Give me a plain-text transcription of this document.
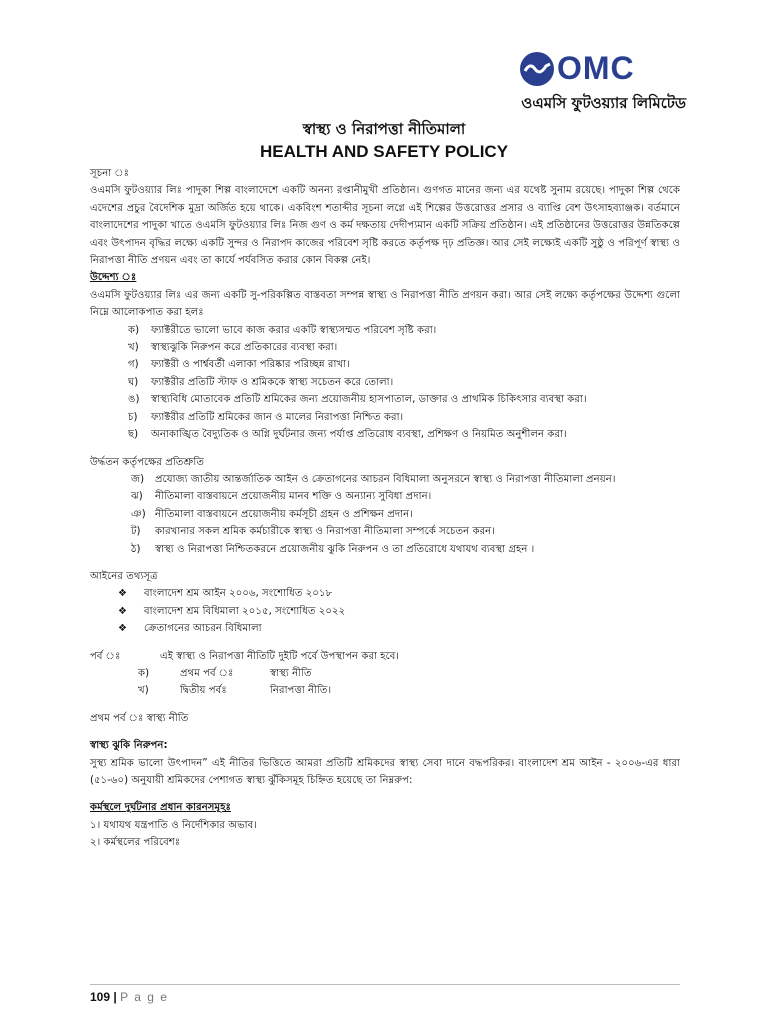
OMC
ওএমসি ফুটওয়্যার লিমিটেড
স্বাস্থ্য ও নিরাপত্তা নীতিমালা
HEALTH AND SAFETY POLICY
সূচনা ঃ

ওএমসি ফুটওয়্যার লিঃ পাদুকা শিল্প বাংলাদেশে একটি অনন্য রপ্তানীমুখী প্রতিষ্ঠান। গুণগত মানের জন্য এর যথেষ্ট সুনাম রয়েছে। পাদুকা শিল্প থেকে এদেশের প্রচুর বৈদেশিক মুদ্রা অর্জিত হয়ে থাকে। একবিংশ শতাব্দীর সূচনা লগ্নে এই শিল্পের উত্তরোত্তর প্রসার ও ব্যাপ্তি বেশ উৎসাহব্যাঞ্জক। বর্তমানে বাংলাদেশের পাদুকা খাতে ওএমসি ফুটওয়্যার লিঃ নিজ গুণ ও কর্ম দক্ষতায় দেদীপ্যমান একটি সক্রিয় প্রতিষ্ঠান। এই প্রতিষ্ঠানের উত্তরোত্তর উন্নতিকল্পে এবং উৎপাদন বৃদ্ধির লক্ষ্যে একটি সুন্দর ও নিরাপদ কাজের পরিবেশ সৃষ্টি করতে কর্তৃপক্ষ দৃঢ় প্রতিজ্ঞ। আর সেই লক্ষ্যেই একটি সুষ্ঠু ও পরিপূর্ণ স্বাস্থ্য ও নিরাপত্তা নীতি প্রণয়ন এবং তা কার্যে পর্যবসিত করার কোন বিকল্প নেই।

উদ্দেশ্য ঃ

ওএমসি ফুটওয়্যার লিঃ এর জন্য একটি সু-পরিকল্পিত বাস্তবতা সম্পন্ন স্বাস্থ্য ও নিরাপত্তা নীতি প্রণয়ন করা। আর সেই লক্ষ্যে কর্তৃপক্ষের উদ্দেশ্য গুলো নিম্নে আলোকপাত করা হলঃ

ক)	ফ্যাক্টরীতে ভালো ভাবে কাজ করার একটি স্বাস্থ্যসম্মত পরিবেশ সৃষ্টি করা।
খ)	স্বাস্থ্যঝুকি নিরুপন করে প্রতিকারের ব্যবস্থা করা।
গ)	ফ্যাক্টরী ও পার্শ্ববর্তী এলাকা পরিষ্কার পরিচ্ছন্ন রাখা।
ঘ)	ফ্যাক্টরীর প্রতিটি স্টাফ ও শ্রমিককে স্বাস্থ্য সচেতন করে তোলা।
ঙ)	স্বাস্থ্যবিধি মোতাবেক প্রতিটি শ্রমিকের জন্য প্রয়োজনীয় হাসপাতাল, ডাক্তার ও প্রাথমিক চিকিৎসার ব্যবস্থা করা।
চ)	ফ্যাক্টরীর প্রতিটি শ্রমিকের জান ও মালের নিরাপত্তা নিশ্চিত করা।
ছ)	অনাকাঙ্খিত বৈদ্যুতিক ও অগ্নি দুর্ঘটনার জন্য পর্যাপ্ত প্রতিরোধ ব্যবস্থা, প্রশিক্ষণ ও নিয়মিত অনুশীলন করা।
উর্দ্ধতন কর্তৃপক্ষের প্রতিশ্রুতি
জ)	প্রযোজ্য জাতীয় আন্তর্জাতিক আইন ও ক্রেতাগনের আচরন বিধিমালা অনুসরনে স্বাস্থ্য ও নিরাপত্তা নীতিমালা প্রনয়ন।
ঝ)	নীতিমালা বাস্তবায়নে প্রয়োজনীয় মানব শক্তি ও অন্যান্য সুবিধা প্রদান।
ঞ) নীতিমালা বাস্তবায়নে প্রয়োজনীয় কর্মসূচী গ্রহন ও প্রশিক্ষন প্রদান।
ট)	কারখানার সকল শ্রমিক কর্মচারীকে স্বাস্থ্য ও নিরাপত্তা নীতিমালা সম্পর্কে সচেতন করন।
ঠ)	স্বাস্থ্য ও নিরাপত্তা নিশ্চিতকরনে প্রয়োজনীয় ঝুকি নিরুপন ও তা প্রতিরোধে যথাযথ ব্যবস্থা গ্রহন ।
আইনের তথ্যসূত্র
❖	বাংলাদেশ শ্রম আইন ২০০৬, সংশোধিত ২০১৮
❖	বাংলাদেশ শ্রম বিধিমালা ২০১৫, সংশোধিত ২০২২
❖	ক্রেতাগনের আচরন বিধিমালা
পর্ব ঃ	এই স্বাস্থ্য ও নিরাপত্তা নীতিটি দুইটি পর্বে উপস্থাপন করা হবে।
ক)	প্রথম পর্ব ঃ	স্বাস্থ্য নীতি
খ)	দ্বিতীয় পর্বঃ	নিরাপত্তা নীতি।
প্রথম পর্ব ঃ স্বাস্থ্য নীতি
স্বাস্থ্য ঝুকি নিরুপন:

সুস্থ্য শ্রমিক ভালো উৎপাদন” এই নীতির ভিত্তিতে আমরা প্রতিটি শ্রমিকদের স্বাস্থ্য সেবা দানে বদ্ধপরিকর। বাংলাদেশ শ্রম আইন - ২০০৬-এর ধারা (৫১-৬০) অনুযায়ী শ্রমিকদের পেশাগত স্বাস্থ্য ঝুঁকিসমূহ চিহ্নিত হয়েছে তা নিম্নরুপ:

কর্মস্থলে দুর্ঘটনার প্রধান কারনসমূহঃ
১। যথাযথ যন্ত্রপাতি ও নির্দেশিকার অভাব।
২। কর্মস্থলের পরিবেশঃ
109 | P a g e
